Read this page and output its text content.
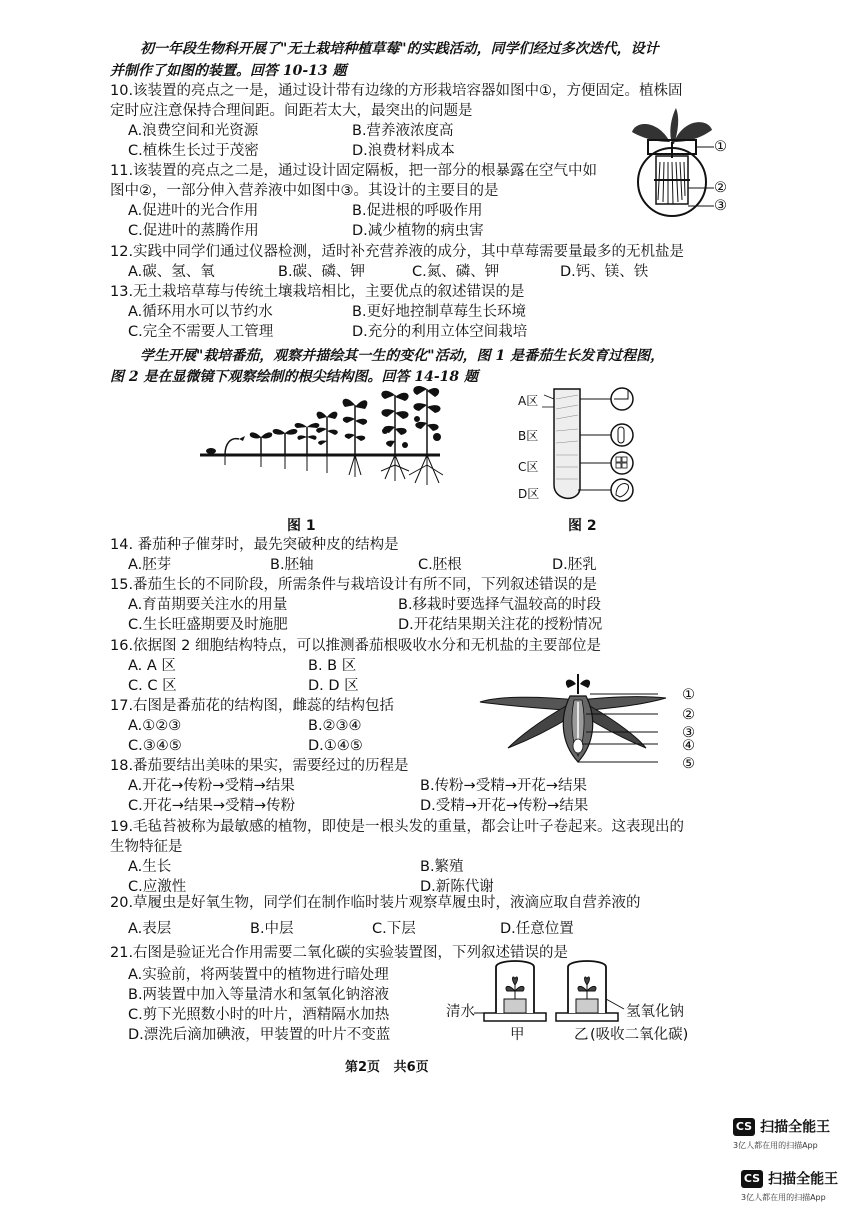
初一年段生物科开展了"无土栽培种植草莓"的实践活动，同学们经过多次迭代，设计
并制作了如图的装置。回答 10-13 题
10.该装置的亮点之一是，通过设计带有边缘的方形栽培容器如图中①，方便固定。植株固
定时应注意保持合理间距。间距若太大，最突出的问题是
A.浪费空间和光资源	B.营养液浓度高
C.植株生长过于茂密	D.浪费材料成本	①
②
③
11.该装置的亮点之二是，通过设计固定隔板，把一部分的根暴露在空气中如
图中②，一部分伸入营养液中如图中③。其设计的主要目的是
A.促进叶的光合作用	B.促进根的呼吸作用
C.促进叶的蒸腾作用	D.减少植物的病虫害
12.实践中同学们通过仪器检测，适时补充营养液的成分，其中草莓需要量最多的无机盐是
A.碳、氢、氧	B.碳、磷、钾	C.氮、磷、钾	D.钙、镁、铁
13.无土栽培草莓与传统土壤栽培相比，主要优点的叙述错误的是
A.循环用水可以节约水	B.更好地控制草莓生长环境
C.完全不需要人工管理	D.充分的利用立体空间栽培
学生开展"栽培番茄，观察并描绘其一生的变化"活动，图 1 是番茄生长发育过程图，
图 2 是在显微镜下观察绘制的根尖结构图。回答 14-18 题
图 1
A区
B区
C区
D区
图 2
14. 番茄种子催芽时，最先突破种皮的结构是
A.胚芽	B.胚轴	C.胚根	D.胚乳
15.番茄生长的不同阶段，所需条件与栽培设计有所不同，下列叙述错误的是
A.育苗期要关注水的用量	B.移栽时要选择气温较高的时段
C.生长旺盛期要及时施肥	D.开花结果期关注花的授粉情况
16.依据图 2 细胞结构特点，可以推测番茄根吸收水分和无机盐的主要部位是
A. A 区	B. B 区
C. C 区	D. D 区
17.右图是番茄花的结构图，雌蕊的结构包括
A.①②③	B.②③④
C.③④⑤	D.①④⑤
①
②
③
④
⑤
18.番茄要结出美味的果实，需要经过的历程是
A.开花→传粉→受精→结果	B.传粉→受精→开花→结果
C.开花→结果→受精→传粉	D.受精→开花→传粉→结果
19.毛毡苔被称为最敏感的植物，即使是一根头发的重量，都会让叶子卷起来。这表现出的
生物特征是
A.生长	B.繁殖
C.应激性	D.新陈代谢
20.草履虫是好氧生物，同学们在制作临时装片观察草履虫时，液滴应取自营养液的
A.表层	B.中层	C.下层	D.任意位置
21.右图是验证光合作用需要二氧化碳的实验装置图，下列叙述错误的是
A.实验前，将两装置中的植物进行暗处理
B.两装置中加入等量清水和氢氧化钠溶液
C.剪下光照数小时的叶片，酒精隔水加热
D.漂洗后滴加碘液，甲装置的叶片不变蓝
清水	氢氧化钠
甲	乙 (吸收二氧化碳)
第2页   共6页
CS 扫描全能王
3亿人都在用的扫描App
CS 扫描全能王
3亿人都在用的扫描App
